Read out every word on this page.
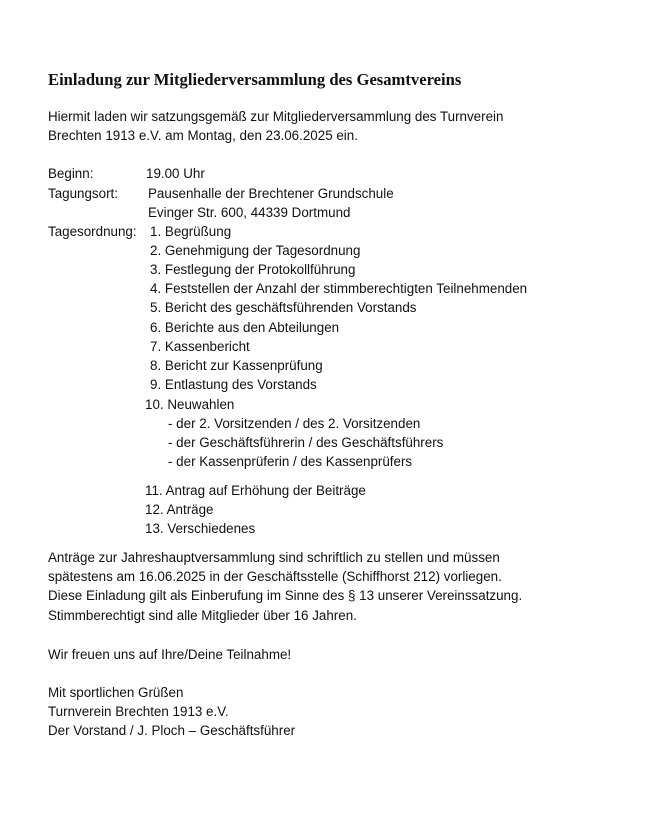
Einladung zur Mitgliederversammlung des Gesamtvereins
Hiermit laden wir satzungsgemäß zur Mitgliederversammlung des Turnverein
Brechten 1913 e.V. am Montag, den 23.06.2025 ein.
Beginn:	19.00 Uhr
Tagungsort: Pausenhalle der Brechtener Grundschule
Evinger Str. 600, 44339 Dortmund
Tagesordnung: 1. Begrüßung
2. Genehmigung der Tagesordnung
3. Festlegung der Protokollführung
4. Feststellen der Anzahl der stimmberechtigten Teilnehmenden
5. Bericht des geschäftsführenden Vorstands
6. Berichte aus den Abteilungen
7. Kassenbericht
8. Bericht zur Kassenprüfung
9. Entlastung des Vorstands
10. Neuwahlen
- der 2. Vorsitzenden / des 2. Vorsitzenden
- der Geschäftsführerin / des Geschäftsführers
- der Kassenprüferin / des Kassenprüfers
11. Antrag auf Erhöhung der Beiträge
12. Anträge
13. Verschiedenes
Anträge zur Jahreshauptversammlung sind schriftlich zu stellen und müssen
spätestens am 16.06.2025 in der Geschäftsstelle (Schiffhorst 212) vorliegen.
Diese Einladung gilt als Einberufung im Sinne des § 13 unserer Vereinssatzung.
Stimmberechtigt sind alle Mitglieder über 16 Jahren.
Wir freuen uns auf Ihre/Deine Teilnahme!
Mit sportlichen Grüßen
Turnverein Brechten 1913 e.V.
Der Vorstand / J. Ploch – Geschäftsführer
